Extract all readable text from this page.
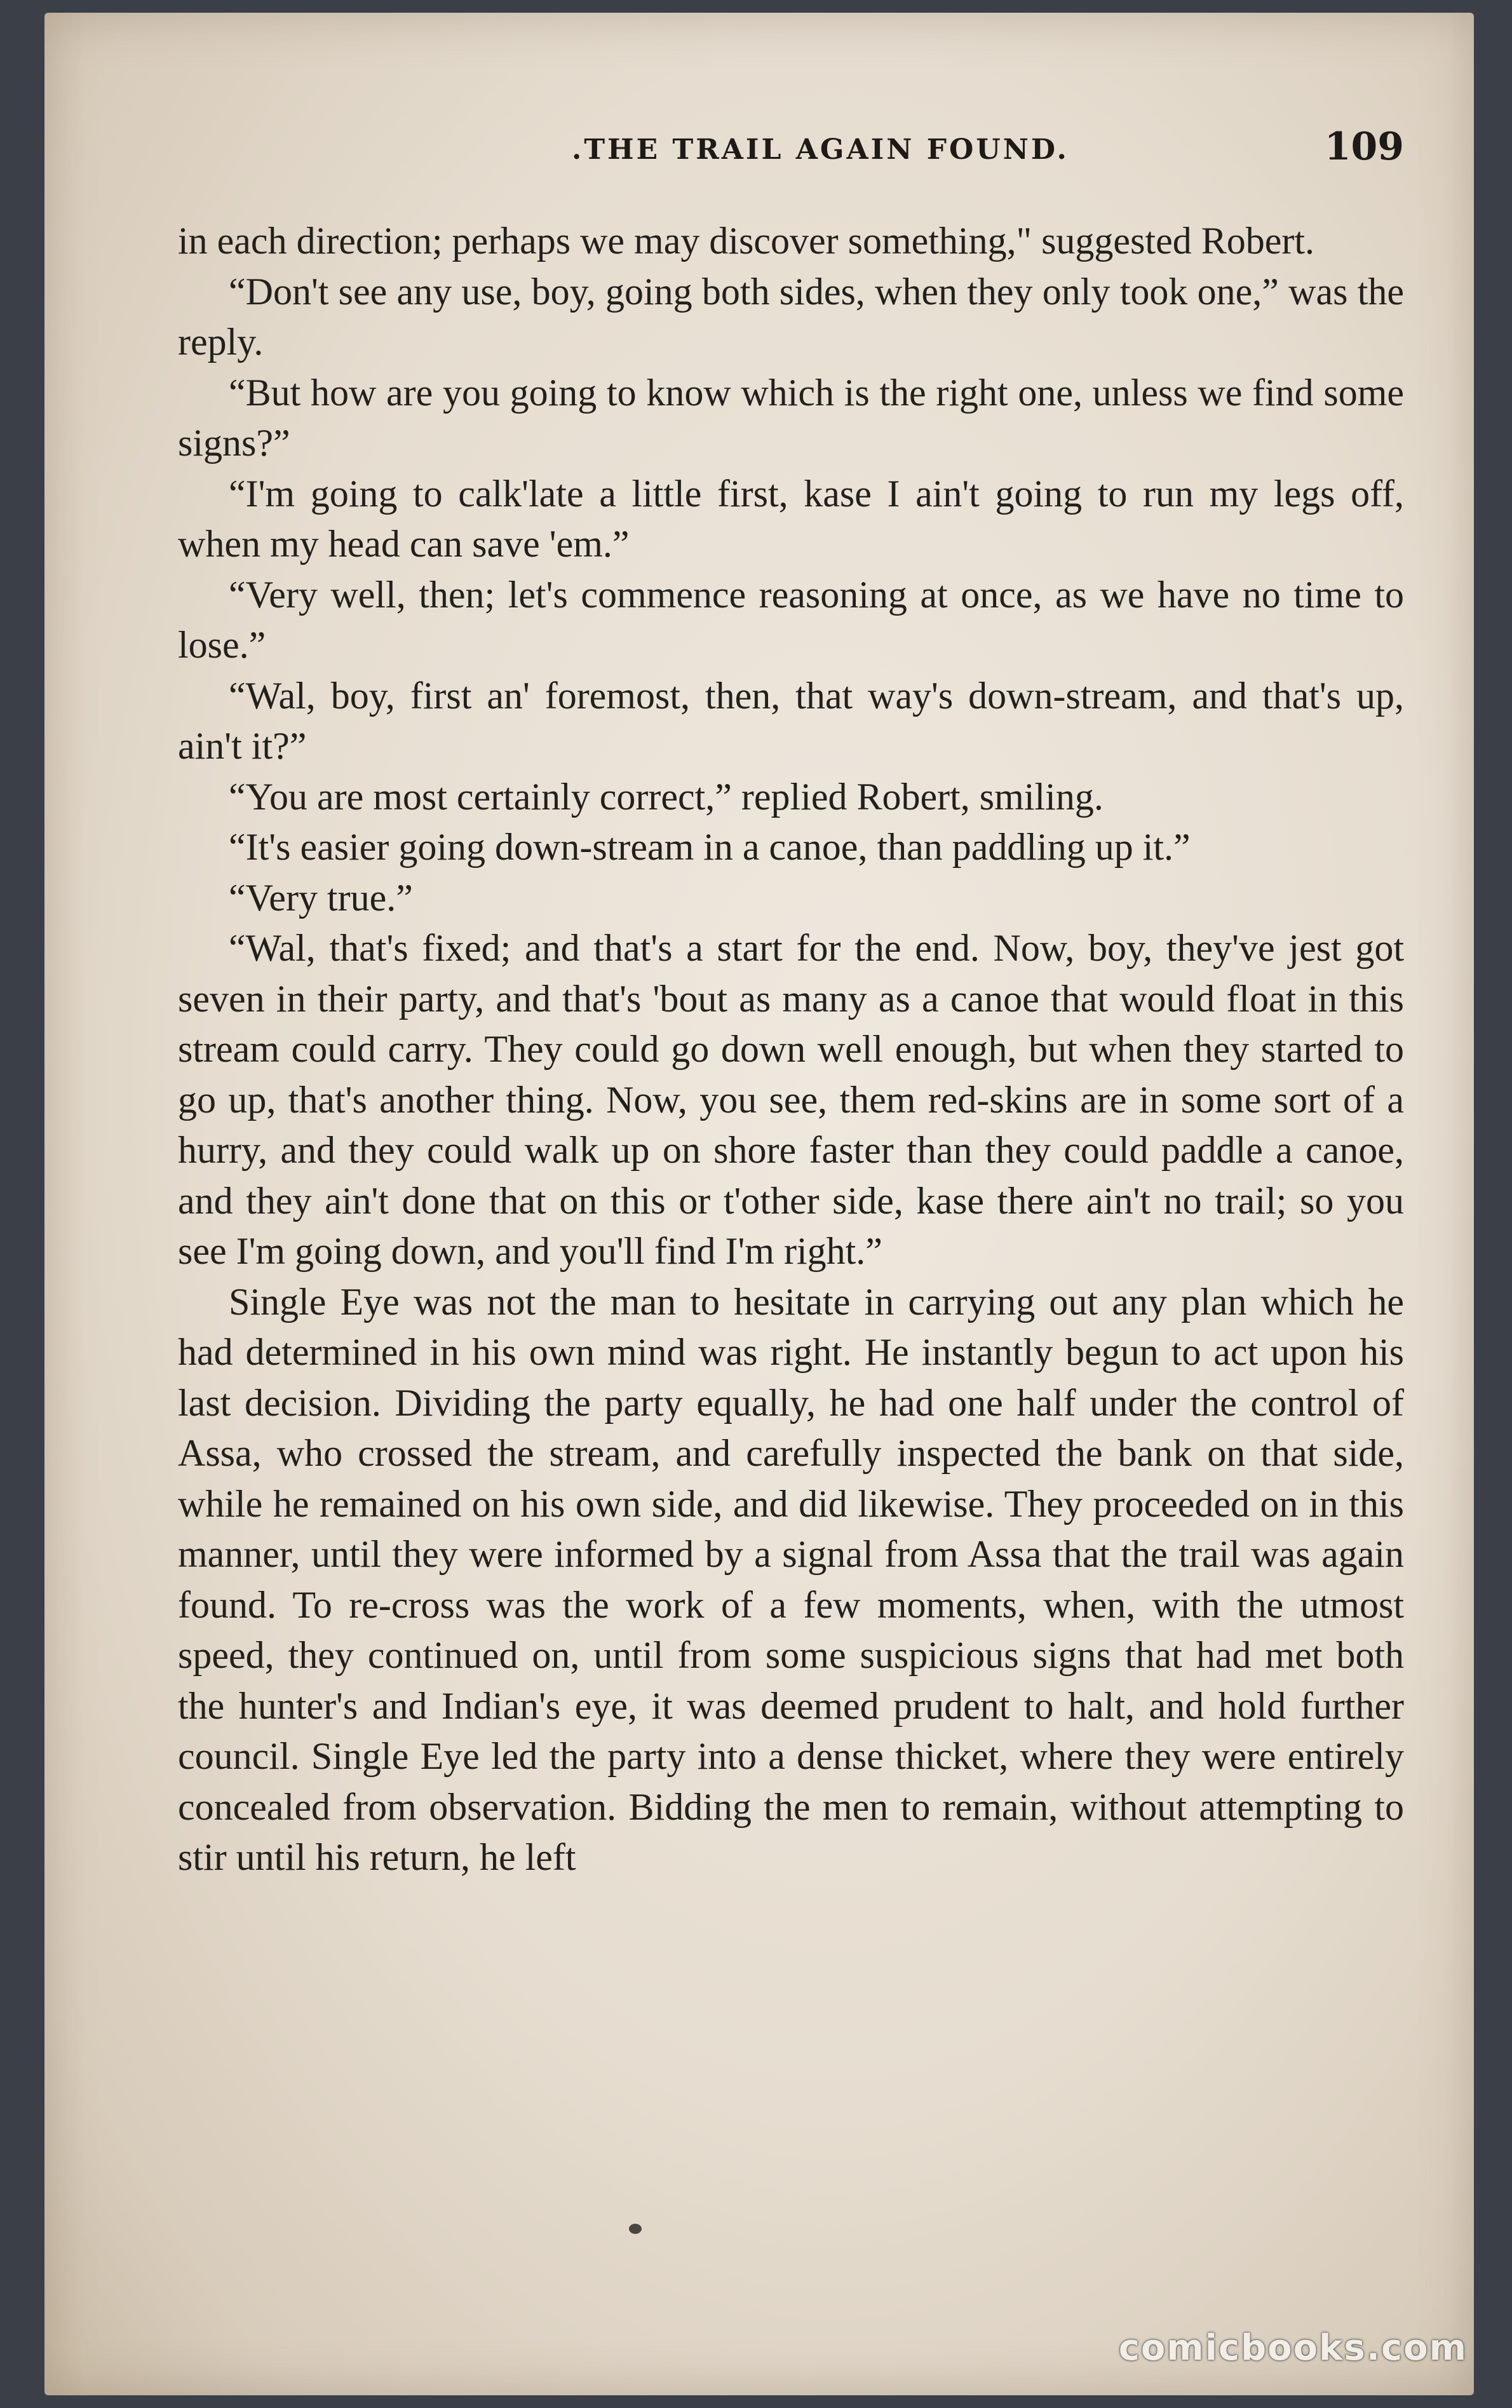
.THE TRAIL AGAIN FOUND.	109

in each direction; perhaps we may discover something," suggested Robert.

“Don't see any use, boy, going both sides, when they only took one,” was the reply.

“But how are you going to know which is the right one, unless we find some signs?”

“I'm going to calk'late a little first, kase I ain't going to run my legs off, when my head can save 'em.”

“Very well, then; let's commence reasoning at once, as we have no time to lose.”

“Wal, boy, first an' foremost, then, that way's down-stream, and that's up, ain't it?”

“You are most certainly correct,” replied Robert, smiling.

“It's easier going down-stream in a canoe, than paddling up it.”

“Very true.”

“Wal, that's fixed; and that's a start for the end. Now, boy, they've jest got seven in their party, and that's 'bout as many as a canoe that would float in this stream could carry. They could go down well enough, but when they started to go up, that's another thing. Now, you see, them red-skins are in some sort of a hurry, and they could walk up on shore faster than they could paddle a canoe, and they ain't done that on this or t'other side, kase there ain't no trail; so you see I'm going down, and you'll find I'm right.”

Single Eye was not the man to hesitate in carrying out any plan which he had determined in his own mind was right. He instantly begun to act upon his last decision. Dividing the party equally, he had one half under the control of Assa, who crossed the stream, and carefully inspected the bank on that side, while he remained on his own side, and did likewise. They proceeded on in this manner, until they were informed by a signal from Assa that the trail was again found. To re-cross was the work of a few moments, when, with the utmost speed, they continued on, until from some suspicious signs that had met both the hunter's and Indian's eye, it was deemed prudent to halt, and hold further council. Single Eye led the party into a dense thicket, where they were entirely concealed from observation. Bidding the men to remain, without attempting to stir until his return, he left

comicbooks.com
